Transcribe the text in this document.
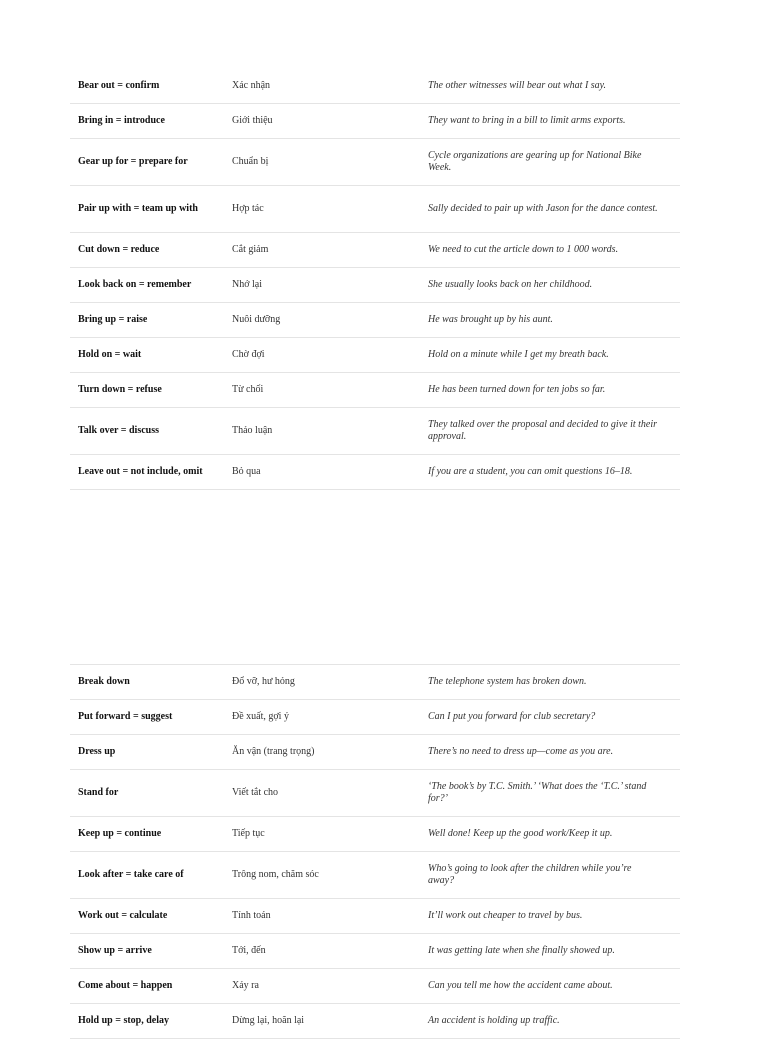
Bear out = confirm	Xác nhận	The other witnesses will bear out what I say.
Bring in = introduce	Giới thiệu	They want to bring in a bill to limit arms exports.
Gear up for = prepare for	Chuẩn bị	Cycle organizations are gearing up for National Bike Week.
Pair up with = team up with	Hợp tác	Sally decided to pair up with Jason for the dance contest.
Cut down = reduce	Cắt giảm	We need to cut the article down to 1 000 words.
Look back on = remember	Nhớ lại	She usually looks back on her childhood.
Bring up = raise	Nuôi dưỡng	He was brought up by his aunt.
Hold on = wait	Chờ đợi	Hold on a minute while I get my breath back.
Turn down = refuse	Từ chối	He has been turned down for ten jobs so far.
Talk over = discuss	Thảo luận	They talked over the proposal and decided to give it their approval.
Leave out = not include, omit	Bỏ qua	If you are a student, you can omit questions 16–18.
Break down	Đổ vỡ, hư hỏng	The telephone system has broken down.
Put forward = suggest	Đề xuất, gợi ý	Can I put you forward for club secretary?
Dress up	Ăn vận (trang trọng)	There’s no need to dress up—come as you are.
Stand for	Viết tắt cho	‘The book’s by T.C. Smith.’ ‘What does the ‘T.C.’ stand for?’
Keep up = continue	Tiếp tục	Well done! Keep up the good work/Keep it up.
Look after = take care of	Trông nom, chăm sóc	Who’s going to look after the children while you’re away?
Work out = calculate	Tính toán	It’ll work out cheaper to travel by bus.
Show up = arrive	Tới, đến	It was getting late when she finally showed up.
Come about = happen	Xảy ra	Can you tell me how the accident came about.
Hold up = stop, delay	Dừng lại, hoãn lại	An accident is holding up traffic.
